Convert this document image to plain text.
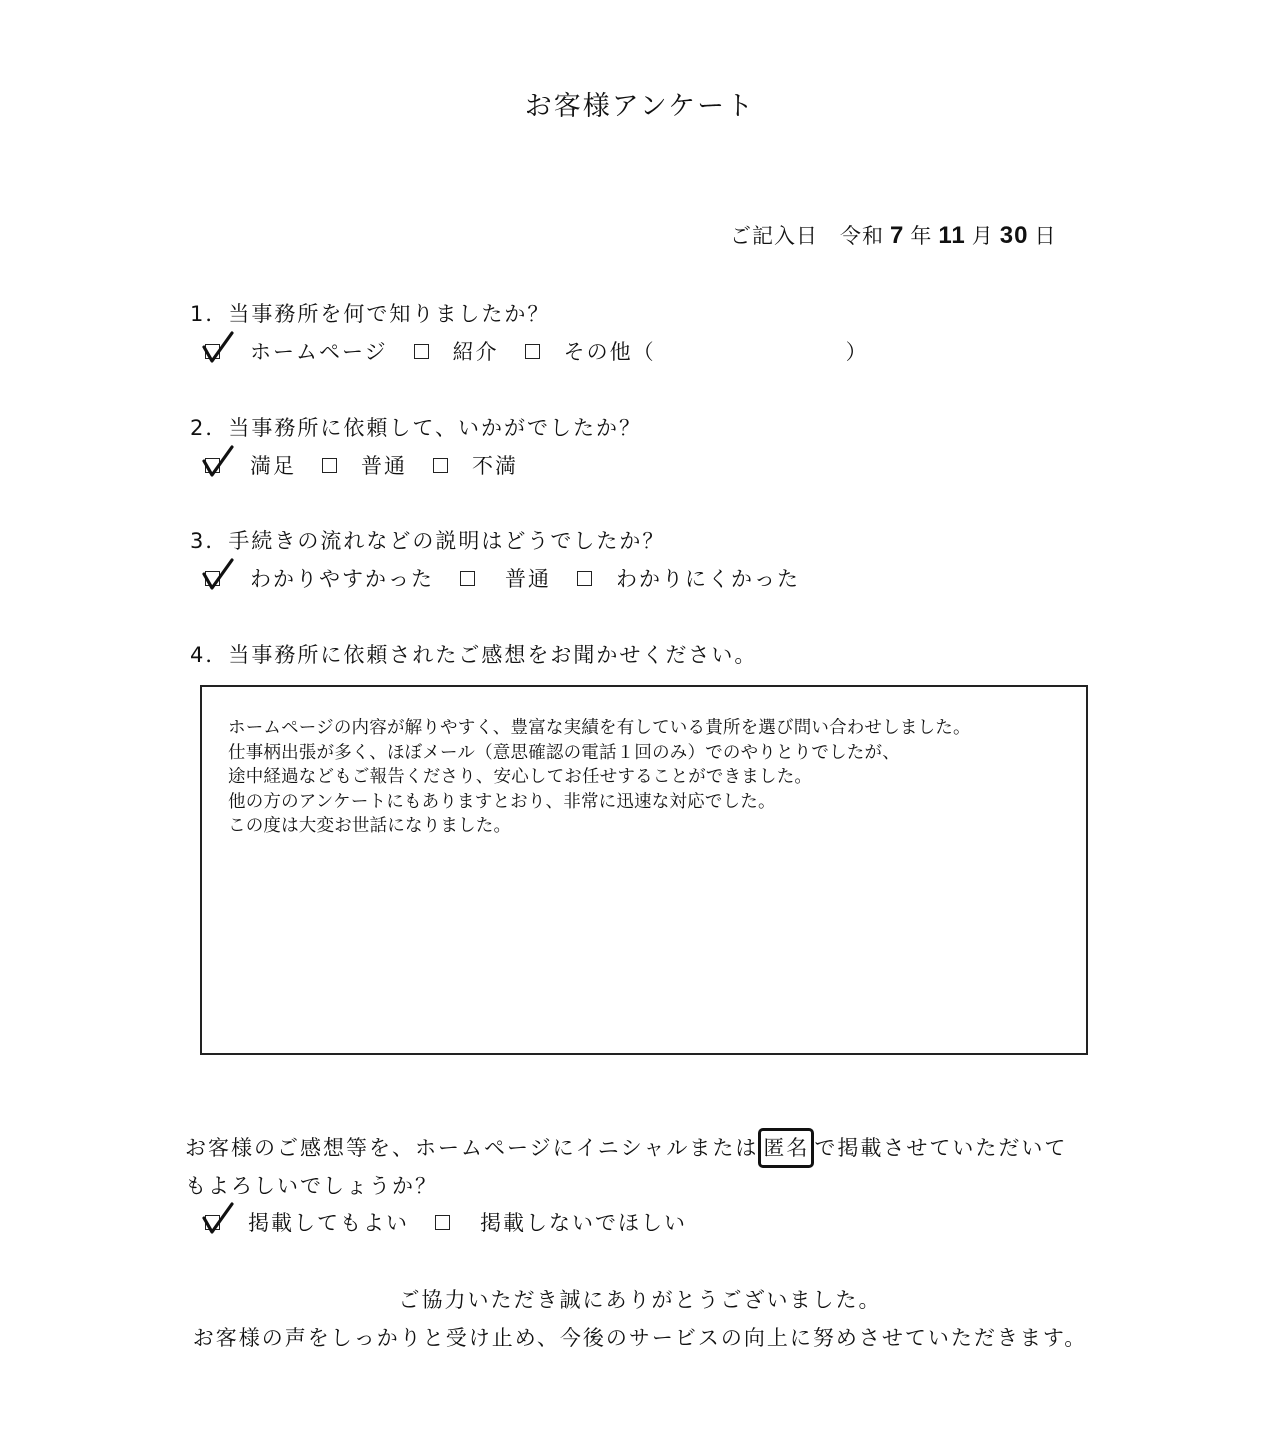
お客様アンケート
ご記入日 令和 7 年 11 月 30 日
1．当事務所を何で知りましたか？
ホームページ	紹介	その他（	）
2．当事務所に依頼して、いかがでしたか？
満足	普通	不満
3．手続きの流れなどの説明はどうでしたか？
わかりやすかった	普通	わかりにくかった
4．当事務所に依頼されたご感想をお聞かせください。
ホームページの内容が解りやすく、豊富な実績を有している貴所を選び問い合わせしました。
仕事柄出張が多く、ほぼメール（意思確認の電話１回のみ）でのやりとりでしたが、
途中経過などもご報告くださり、安心してお任せすることができました。
他の方のアンケートにもありますとおり、非常に迅速な対応でした。
この度は大変お世話になりました。
お客様のご感想等を、ホームページにイニシャルまたは 匿名 で掲載させていただいてもよろしいでしょうか？
掲載してもよい	掲載しないでほしい
ご協力いただき誠にありがとうございました。
お客様の声をしっかりと受け止め、今後のサービスの向上に努めさせていただきます。
